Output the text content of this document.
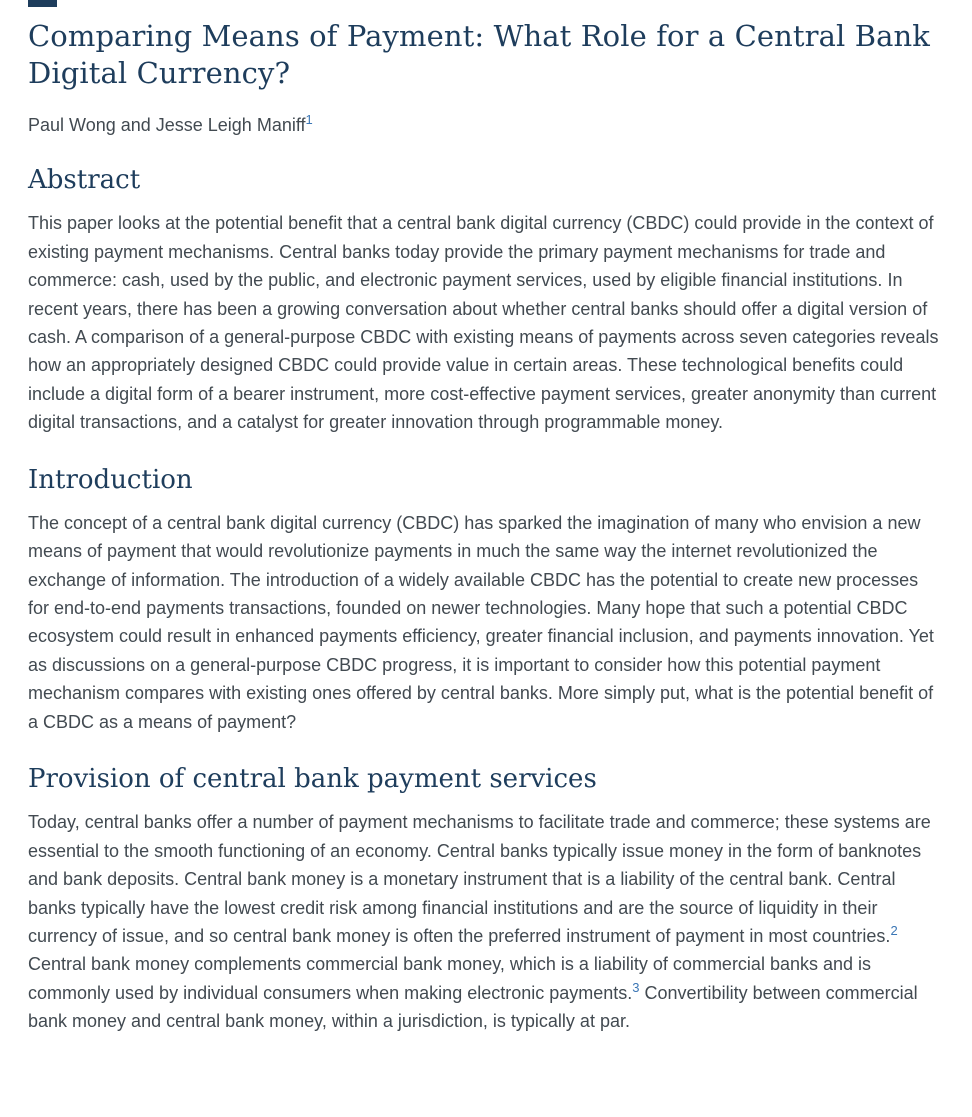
Comparing Means of Payment: What Role for a Central Bank
Digital Currency?

Paul Wong and Jesse Leigh Maniff$^1$

Abstract

This paper looks at the potential benefit that a central bank digital currency (CBDC) could provide in the context of existing payment mechanisms. Central banks today provide the primary payment mechanisms for trade and commerce: cash, used by the public, and electronic payment services, used by eligible financial institutions. In recent years, there has been a growing conversation about whether central banks should offer a digital version of cash. A comparison of a general-purpose CBDC with existing means of payments across seven categories reveals how an appropriately designed CBDC could provide value in certain areas. These technological benefits could include a digital form of a bearer instrument, more cost-effective payment services, greater anonymity than current digital transactions, and a catalyst for greater innovation through programmable money.

Introduction

The concept of a central bank digital currency (CBDC) has sparked the imagination of many who envision a new means of payment that would revolutionize payments in much the same way the internet revolutionized the exchange of information. The introduction of a widely available CBDC has the potential to create new processes for end-to-end payments transactions, founded on newer technologies. Many hope that such a potential CBDC ecosystem could result in enhanced payments efficiency, greater financial inclusion, and payments innovation. Yet as discussions on a general-purpose CBDC progress, it is important to consider how this potential payment mechanism compares with existing ones offered by central banks. More simply put, what is the potential benefit of a CBDC as a means of payment?

Provision of central bank payment services

Today, central banks offer a number of payment mechanisms to facilitate trade and commerce; these systems are essential to the smooth functioning of an economy. Central banks typically issue money in the form of banknotes and bank deposits. Central bank money is a monetary instrument that is a liability of the central bank. Central banks typically have the lowest credit risk among financial institutions and are the source of liquidity in their currency of issue, and so central bank money is often the preferred instrument of payment in most countries.$^2$ Central bank money complements commercial bank money, which is a liability of commercial banks and is commonly used by individual consumers when making electronic payments.$^3$ Convertibility between commercial bank money and central bank money, within a jurisdiction, is typically at par.
